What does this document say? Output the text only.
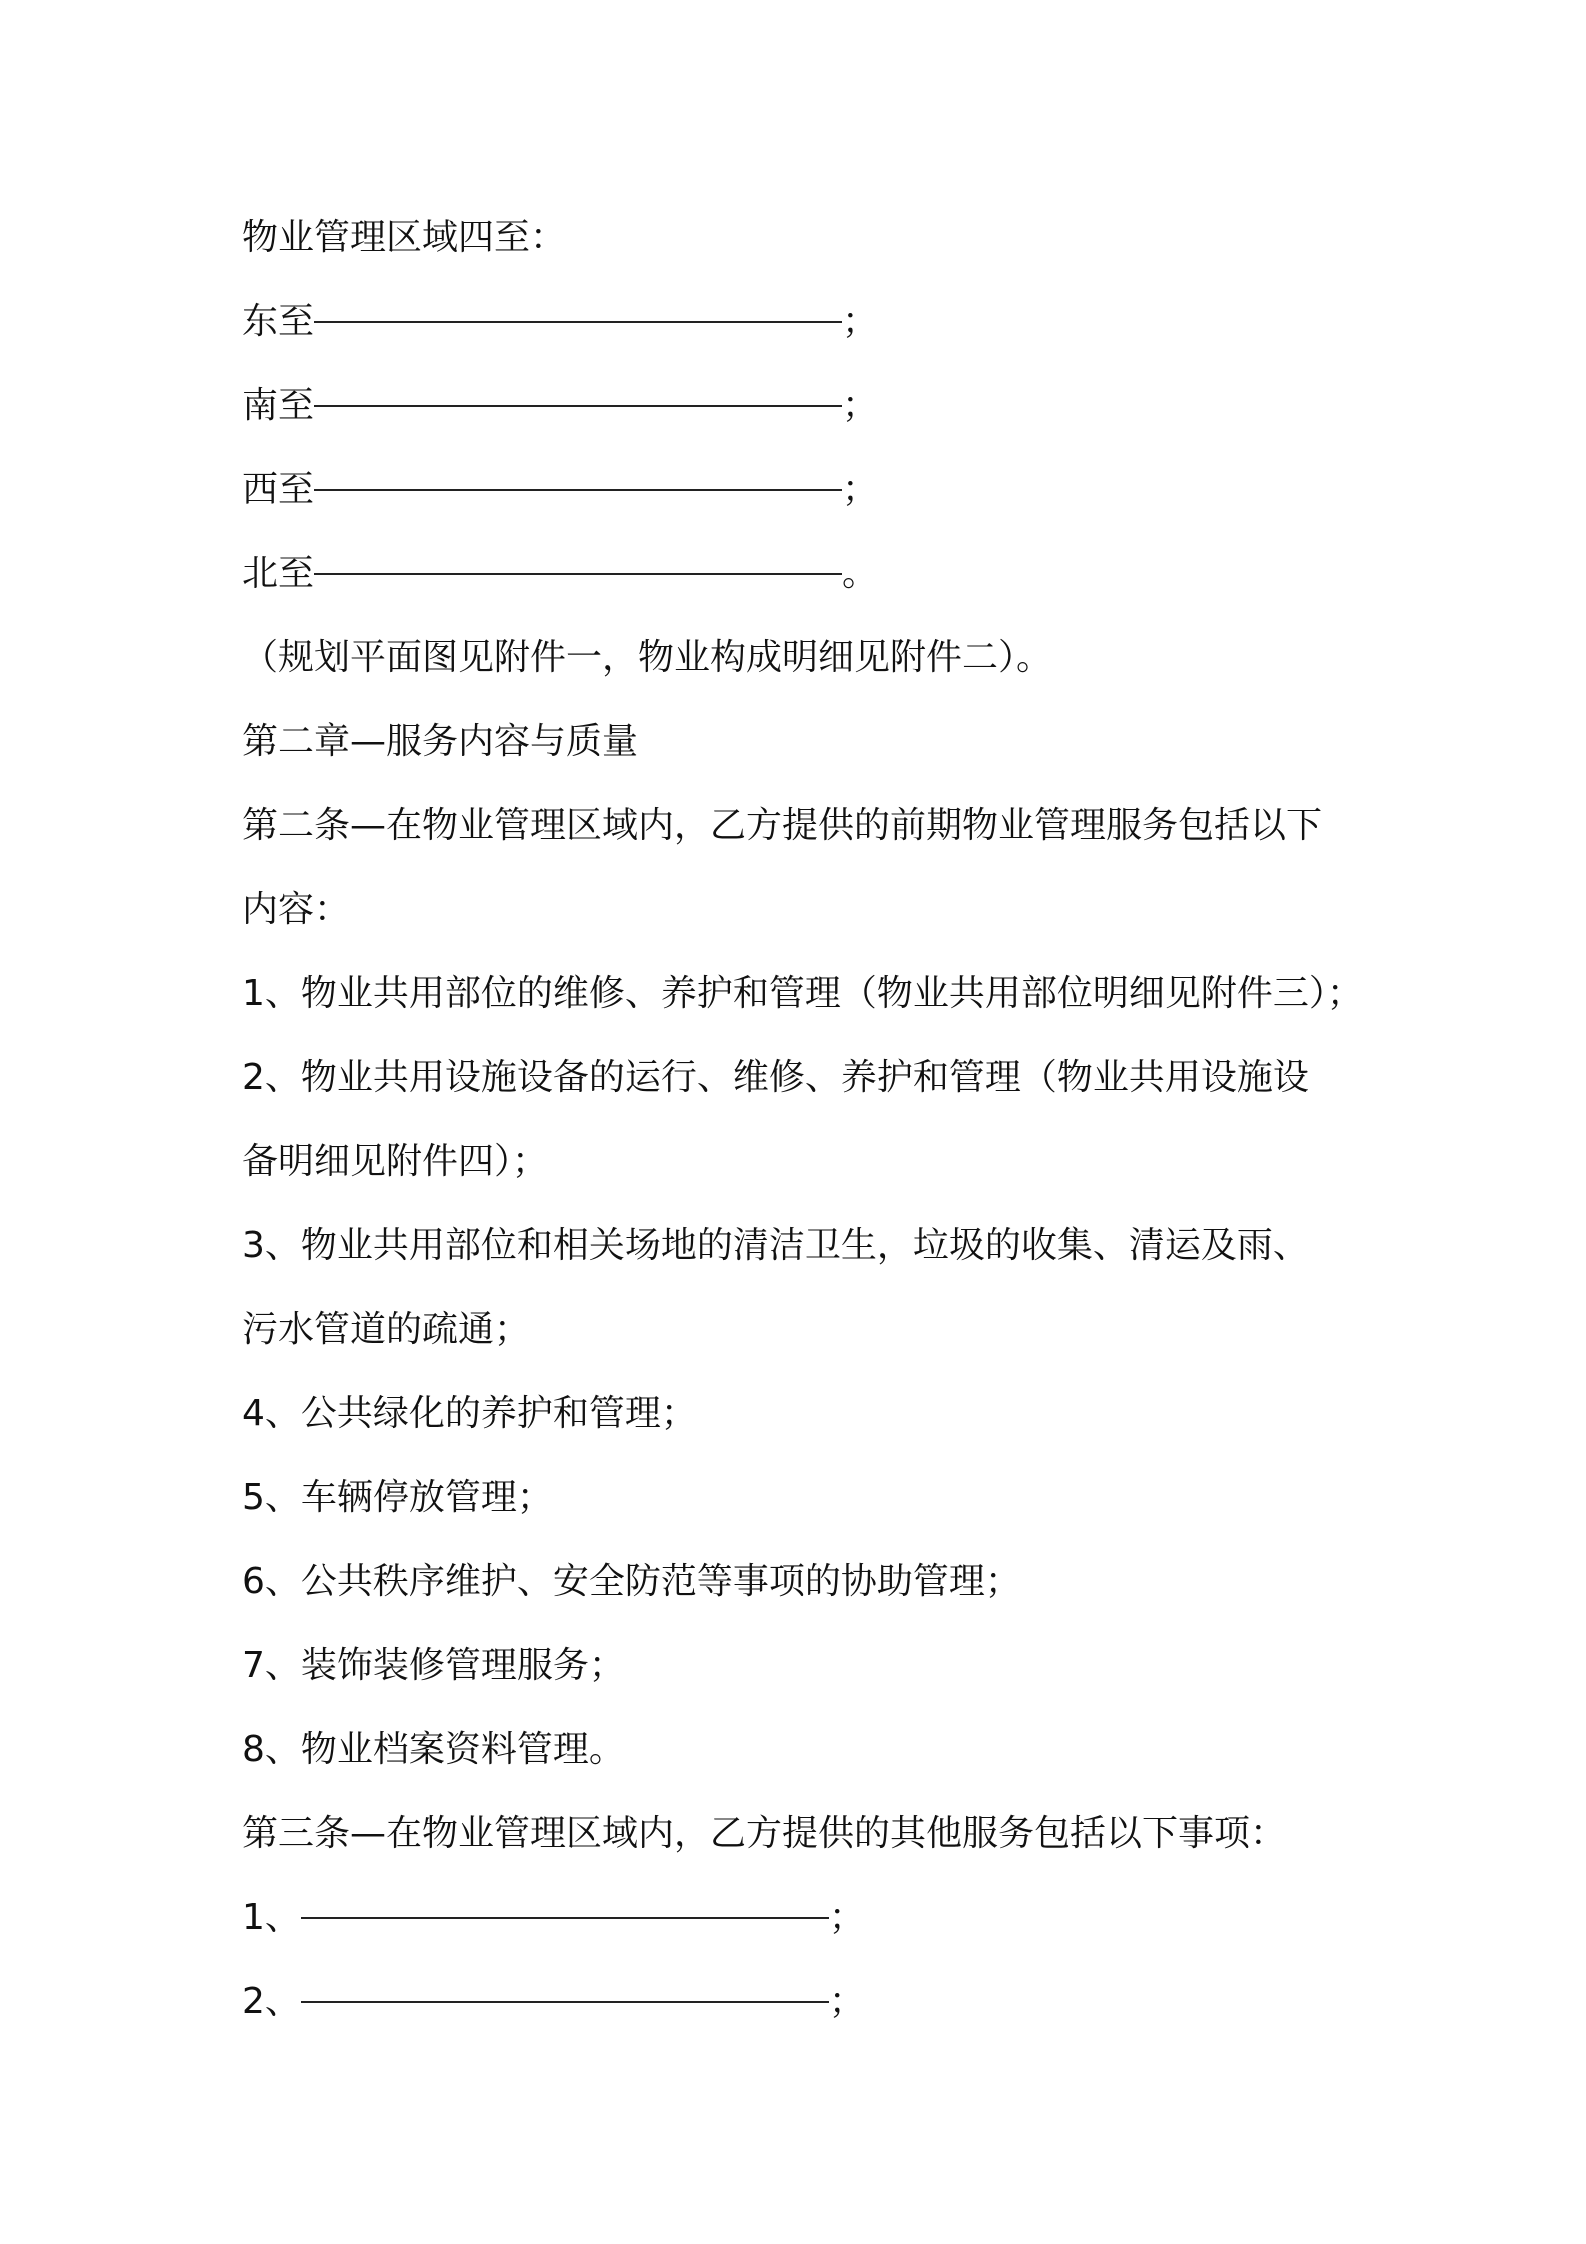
物业管理区域四至：
东至	；
南至	；
西至	；
北至	。
（规划平面图见附件一，物业构成明细见附件二）。
第二章—服务内容与质量
第二条—在物业管理区域内，乙方提供的前期物业管理服务包括以下
内容：
1、物业共用部位的维修、养护和管理（物业共用部位明细见附件三）；
2、物业共用设施设备的运行、维修、养护和管理（物业共用设施设
备明细见附件四）；
3、物业共用部位和相关场地的清洁卫生，垃圾的收集、清运及雨、
污水管道的疏通；
4、公共绿化的养护和管理；
5、车辆停放管理；
6、公共秩序维护、安全防范等事项的协助管理；
7、装饰装修管理服务；
8、物业档案资料管理。
第三条—在物业管理区域内，乙方提供的其他服务包括以下事项：
1、	；
2、	；
